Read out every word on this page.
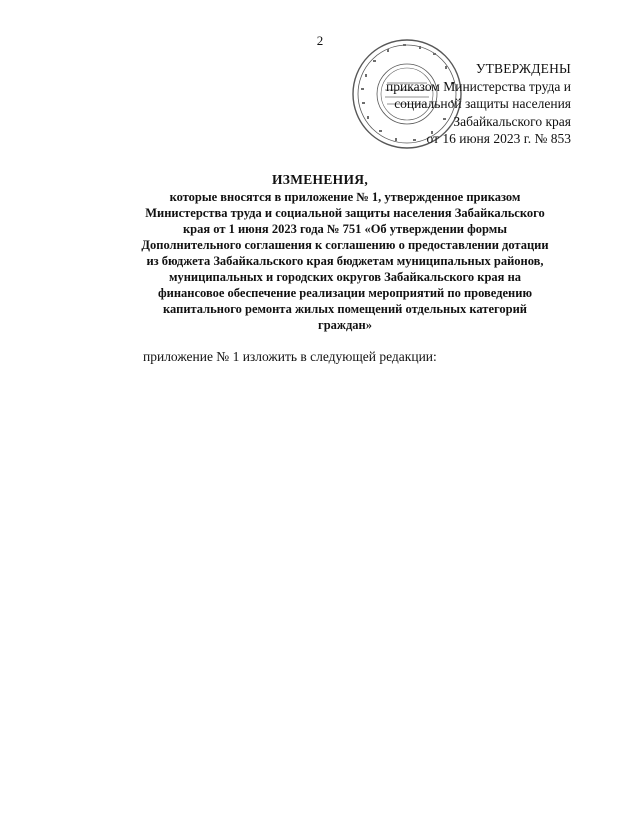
2
УТВЕРЖДЕНЫ
приказом Министерства труда и
социальной защиты населения
Забайкальского края
от 16 июня 2023 г. № 853
ИЗМЕНЕНИЯ,
которые вносятся в приложение № 1, утвержденное приказом
Министерства труда и социальной защиты населения Забайкальского
края от 1 июня 2023 года № 751 «Об утверждении формы
Дополнительного соглашения к соглашению о предоставлении дотации
из бюджета Забайкальского края бюджетам муниципальных районов,
муниципальных и городских округов Забайкальского края на
финансовое обеспечение реализации мероприятий по проведению
капитального ремонта жилых помещений отдельных категорий
граждан»
приложение № 1 изложить в следующей редакции:
